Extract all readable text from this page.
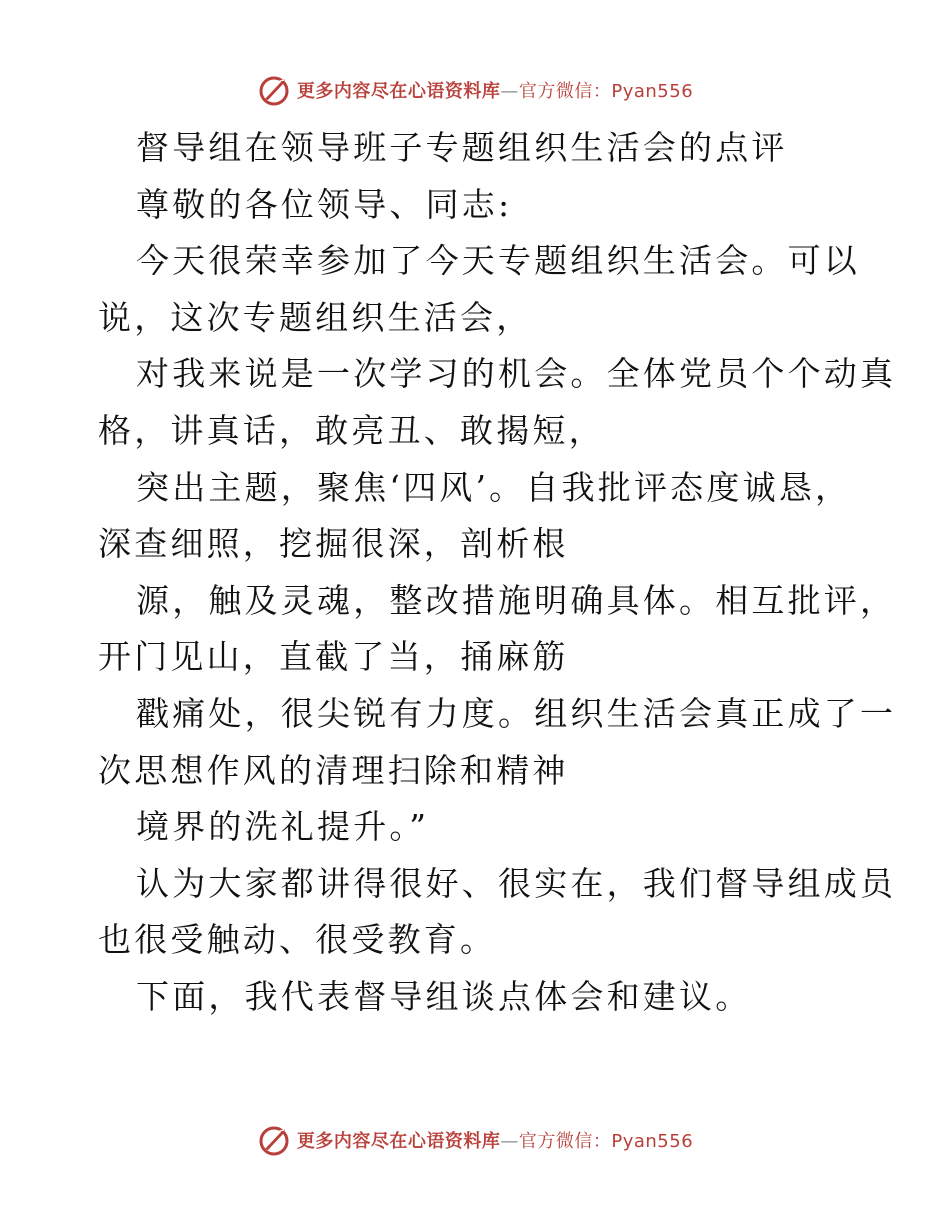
更多内容尽在心语资料库—官方微信：Pyan556

督导组在领导班子专题组织生活会的点评

尊敬的各位领导、同志:

今天很荣幸参加了今天专题组织生活会。可以

说，这次专题组织生活会，

对我来说是一次学习的机会。全体党员个个动真

格，讲真话，敢亮丑、敢揭短，

突出主题，聚焦‘四风’。自我批评态度诚恳，

深查细照，挖掘很深，剖析根

源，触及灵魂，整改措施明确具体。相互批评，

开门见山，直截了当，捅麻筋

戳痛处，很尖锐有力度。组织生活会真正成了一

次思想作风的清理扫除和精神

境界的洗礼提升。”

认为大家都讲得很好、很实在，我们督导组成员

也很受触动、很受教育。

下面，我代表督导组谈点体会和建议。

更多内容尽在心语资料库—官方微信：Pyan556
